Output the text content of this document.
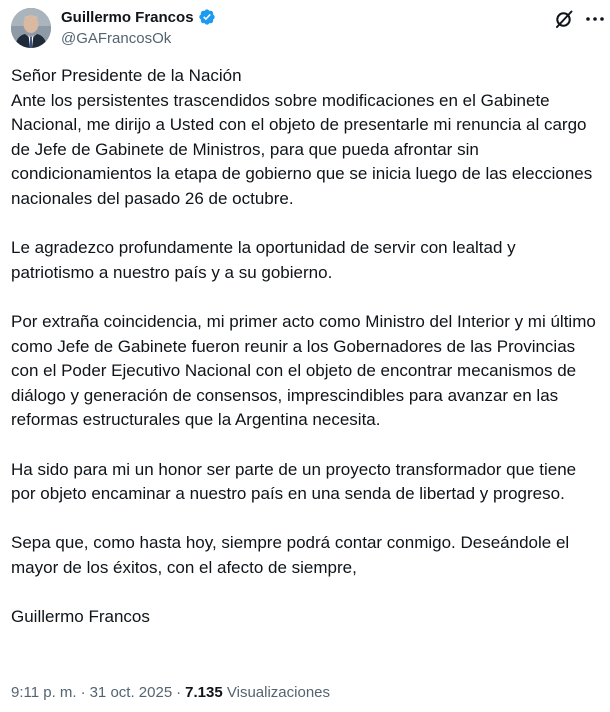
Guillermo Francos
@GAFrancosOk

Señor Presidente de la Nación
Ante los persistentes trascendidos sobre modificaciones en el Gabinete Nacional, me dirijo a Usted con el objeto de presentarle mi renuncia al cargo de Jefe de Gabinete de Ministros, para que pueda afrontar sin condicionamientos la etapa de gobierno que se inicia luego de las elecciones nacionales del pasado 26 de octubre.

Le agradezco profundamente la oportunidad de servir con lealtad y patriotismo a nuestro país y a su gobierno.

Por extraña coincidencia, mi primer acto como Ministro del Interior y mi último como Jefe de Gabinete fueron reunir a los Gobernadores de las Provincias con el Poder Ejecutivo Nacional con el objeto de encontrar mecanismos de diálogo y generación de consensos, imprescindibles para avanzar en las reformas estructurales que la Argentina necesita.

Ha sido para mi un honor ser parte de un proyecto transformador que tiene por objeto encaminar a nuestro país en una senda de libertad y progreso.

Sepa que, como hasta hoy, siempre podrá contar conmigo. Deseándole el mayor de los éxitos, con el afecto de siempre,

Guillermo Francos

9:11 p. m. · 31 oct. 2025 · 7.135 Visualizaciones
